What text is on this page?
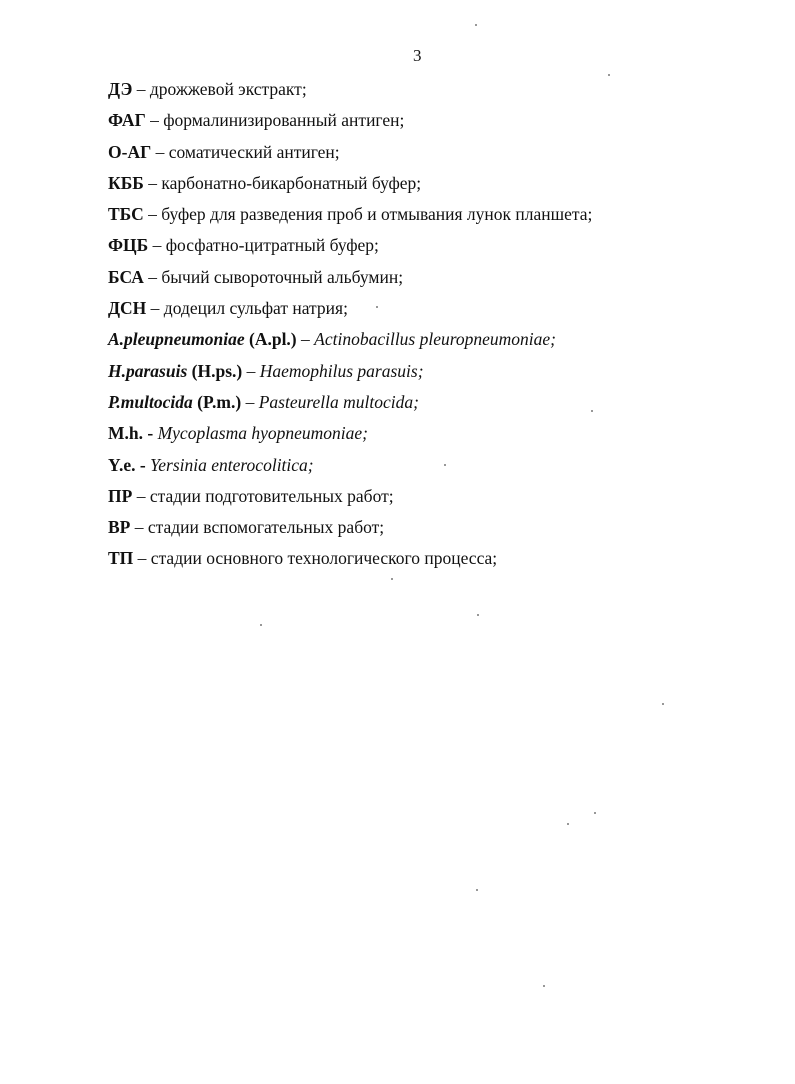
3
ДЭ – дрожжевой экстракт;
ФАГ – формалинизированный антиген;
О-АГ – соматический антиген;
КББ – карбонатно-бикарбонатный буфер;
ТБС – буфер для разведения проб и отмывания лунок планшета;
ФЦБ – фосфатно-цитратный буфер;
БСА – бычий сывороточный альбумин;
ДСН – додецил сульфат натрия;
A.pleupneumoniae (A.pl.) – Actinobacillus pleuropneumoniae;
H.parasuis (H.ps.) – Haemophilus parasuis;
P.multocida (P.m.) – Pasteurella multocida;
M.h. - Mycoplasma hyopneumoniae;
Y.e. - Yersinia enterocolitica;
ПР – стадии подготовительных работ;
ВР – стадии вспомогательных работ;
ТП – стадии основного технологического процесса;
